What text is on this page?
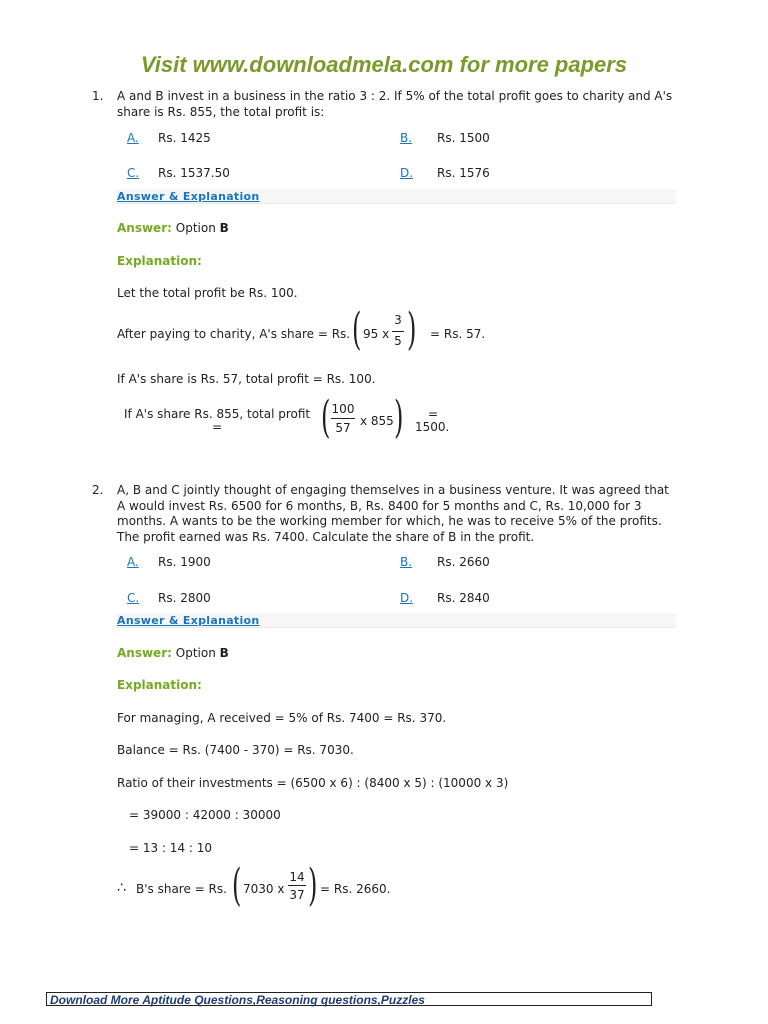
Visit www.downloadmela.com for more papers
1. A and B invest in a business in the ratio 3 : 2. If 5% of the total profit goes to charity and A's share is Rs. 855, the total profit is:
A. Rs. 1425	B. Rs. 1500
C. Rs. 1537.50	D. Rs. 1576
Answer & Explanation
Answer: Option B
Explanation:
Let the total profit be Rs. 100.
After paying to charity, A's share = Rs. ( 95 x
3
5 ) = Rs. 57.
If A's share is Rs. 57, total profit = Rs. 100.
If A's share Rs. 855, total profit
= ( 100
57 x 855 ) =
1500.
2. A, B and C jointly thought of engaging themselves in a business venture. It was agreed that A would invest Rs. 6500 for 6 months, B, Rs. 8400 for 5 months and C, Rs. 10,000 for 3 months. A wants to be the working member for which, he was to receive 5% of the profits. The profit earned was Rs. 7400. Calculate the share of B in the profit.
A. Rs. 1900	B. Rs. 2660
C. Rs. 2800	D. Rs. 2840
Answer & Explanation
Answer: Option B
Explanation:
For managing, A received = 5% of Rs. 7400 = Rs. 370.
Balance = Rs. (7400 - 370) = Rs. 7030.
Ratio of their investments = (6500 x 6) : (8400 x 5) : (10000 x 3)
= 39000 : 42000 : 30000
= 13 : 14 : 10
∴ B's share = Rs. ( 7030 x
14
37 ) = Rs. 2660.
Download More Aptitude Questions,Reasoning questions,Puzzles
